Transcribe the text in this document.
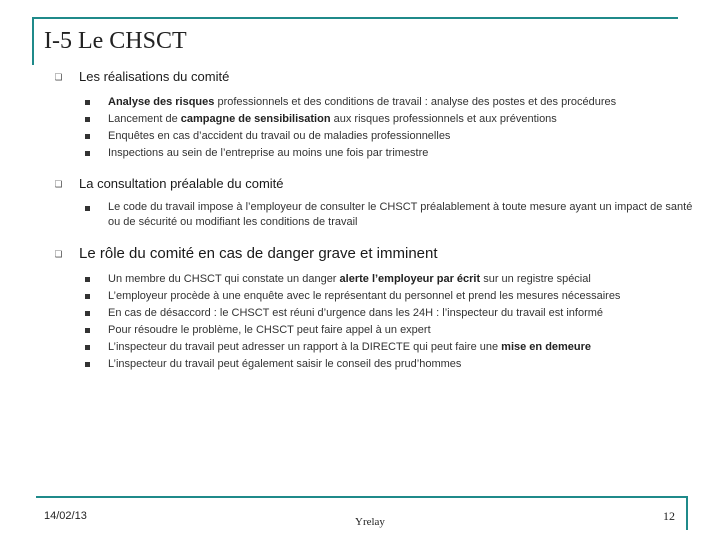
I-5 Le CHSCT
❏ Les réalisations du comité
Analyse des risques professionnels et des conditions de travail : analyse des postes et des procédures
Lancement de campagne de sensibilisation aux risques professionnels et aux préventions
Enquêtes en cas d’accident du travail ou de maladies professionnelles
Inspections au sein de l’entreprise au moins une fois par trimestre
❏ La consultation préalable du comité
Le code du travail impose à l’employeur de consulter le CHSCT préalablement à toute mesure ayant un impact de santé ou de sécurité ou modifiant les conditions de travail
❏ Le rôle du comité en cas de danger grave et imminent
Un membre du CHSCT qui constate un danger alerte l’employeur par écrit sur un registre spécial
L’employeur procède à une enquête avec le représentant du personnel et prend les mesures nécessaires
En cas de désaccord : le CHSCT est réuni d’urgence dans les 24H : l’inspecteur du travail est informé
Pour résoudre le problème, le CHSCT peut faire appel à un expert
L’inspecteur du travail peut adresser un rapport à la DIRECTE qui peut faire une mise en demeure
L’inspecteur du travail peut également saisir le conseil des prud’hommes
14/02/13	Yrelay	12
